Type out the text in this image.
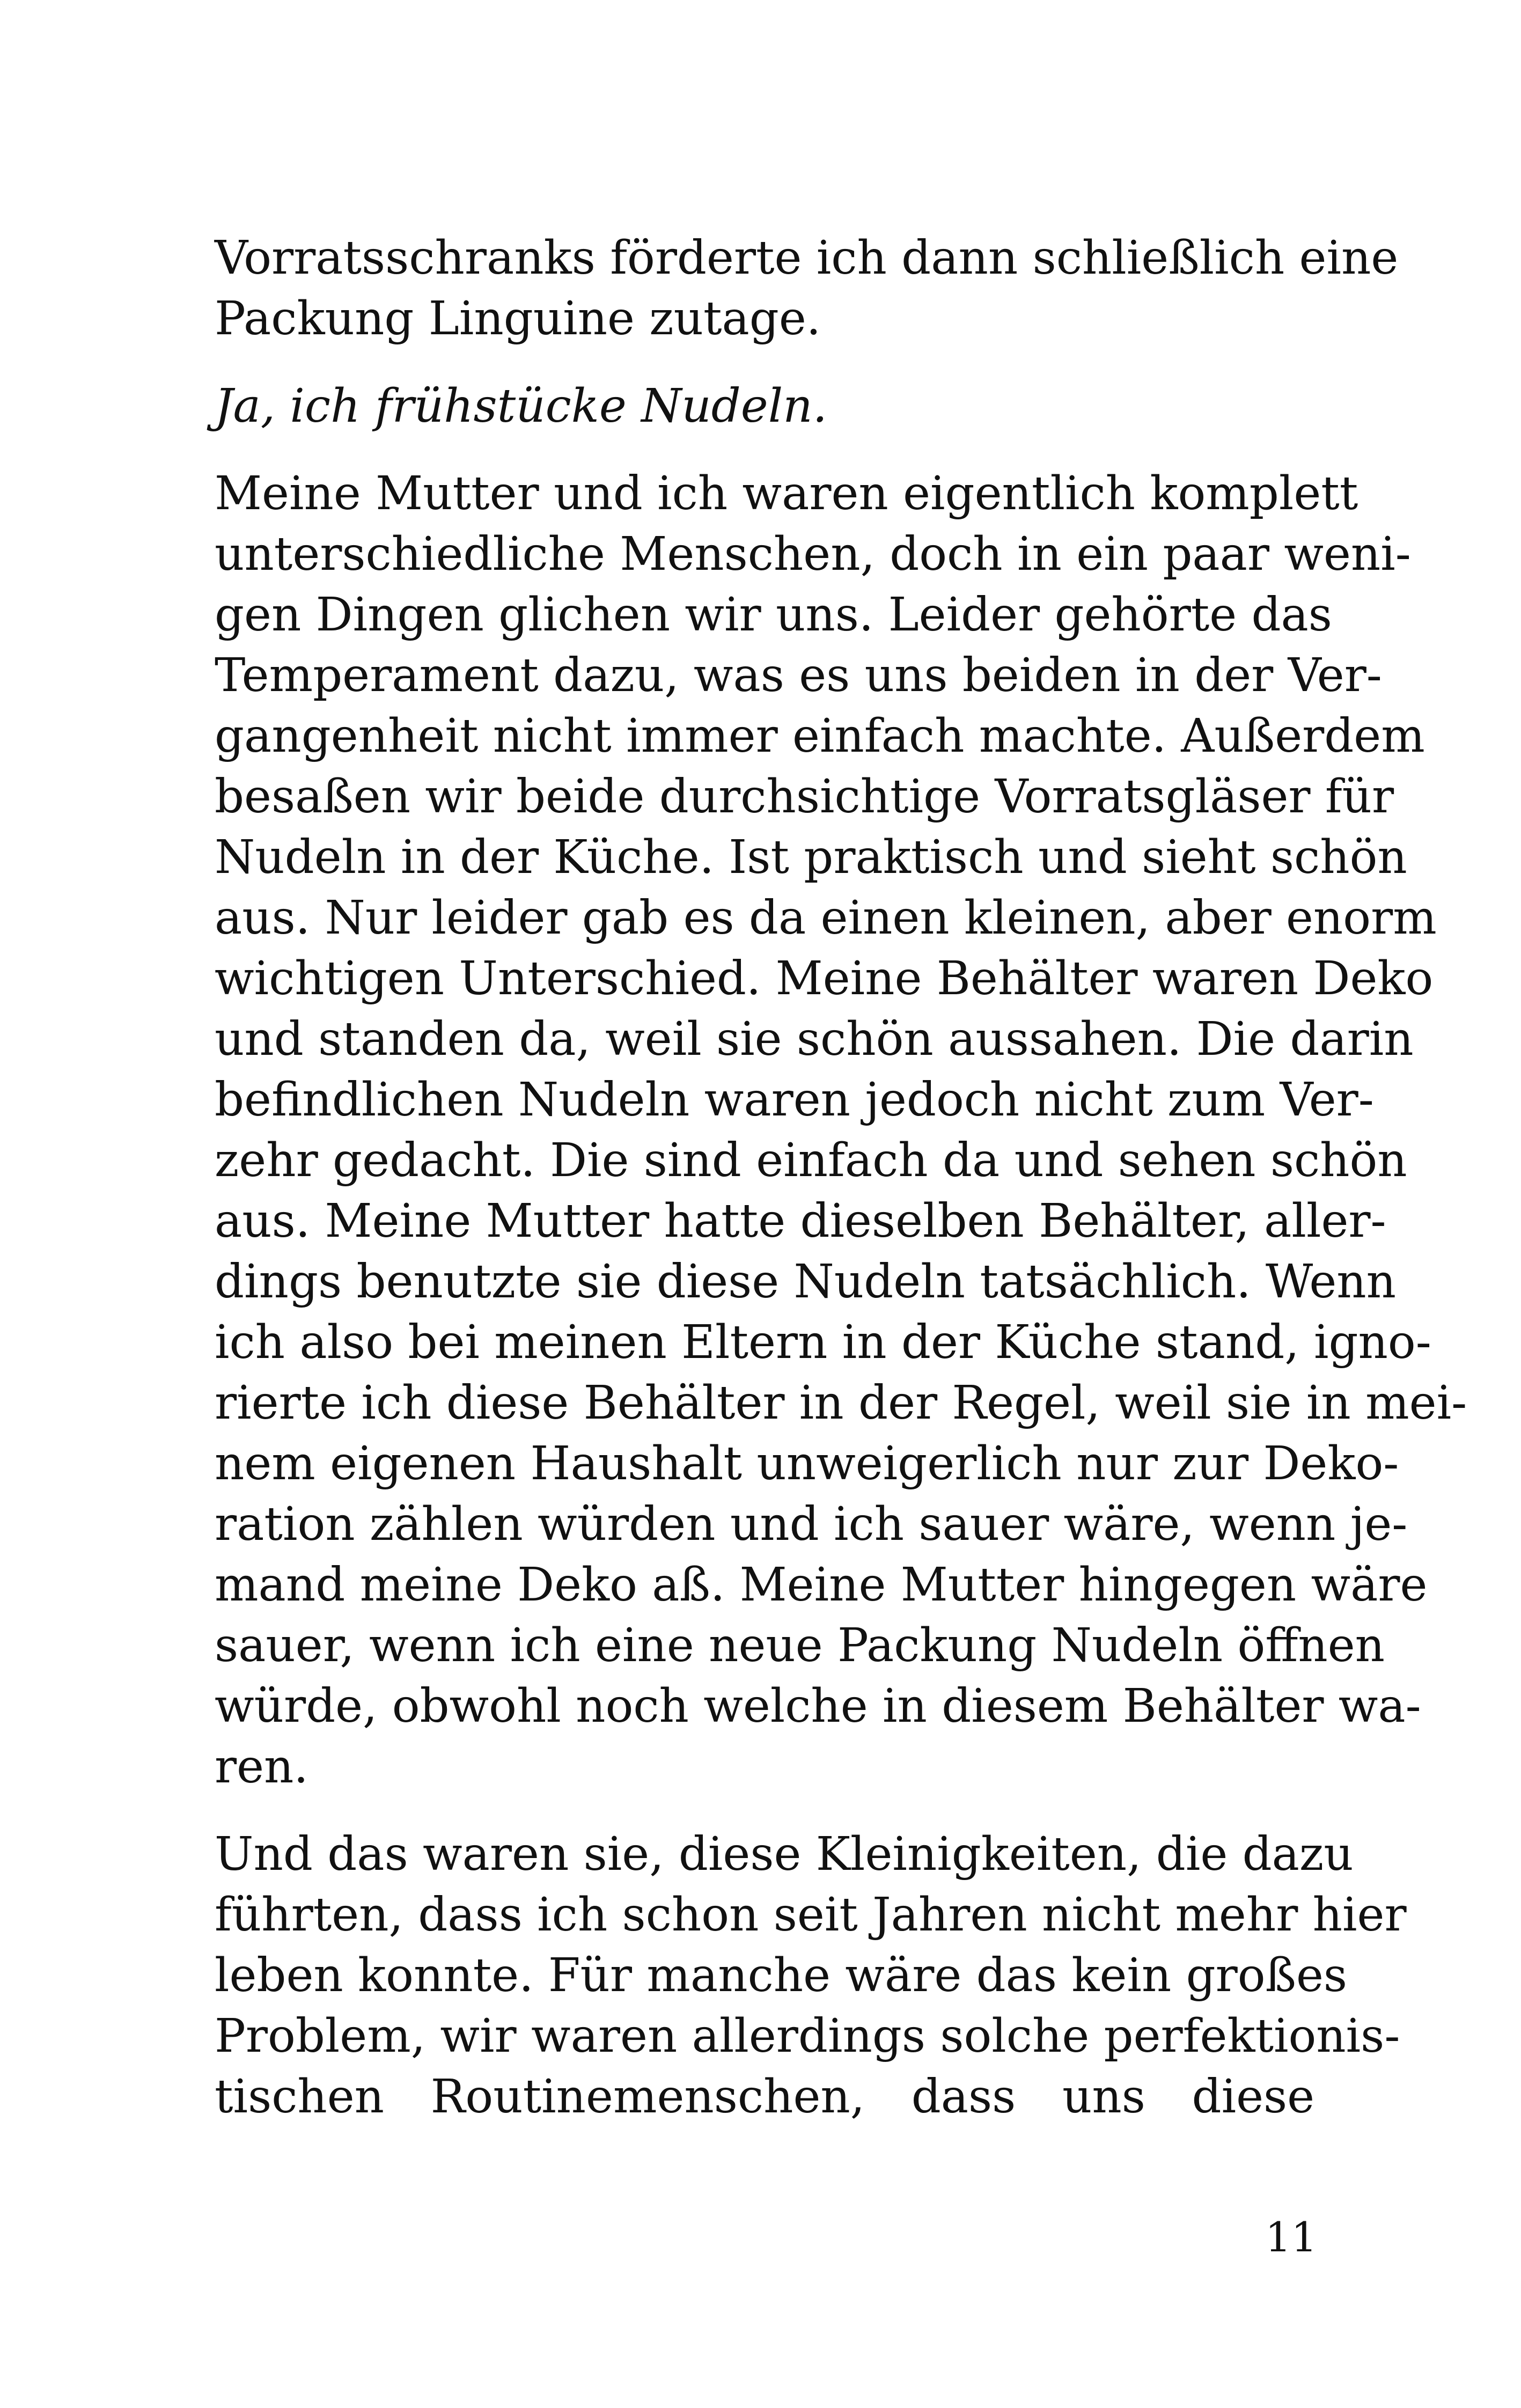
Vorratsschranks förderte ich dann schließlich eine
Packung Linguine zutage.
Ja, ich frühstücke Nudeln.
Meine Mutter und ich waren eigentlich komplett
unterschiedliche Menschen, doch in ein paar weni-
gen Dingen glichen wir uns. Leider gehörte das
Temperament dazu, was es uns beiden in der Ver-
gangenheit nicht immer einfach machte. Außerdem
besaßen wir beide durchsichtige Vorratsgläser für
Nudeln in der Küche. Ist praktisch und sieht schön
aus. Nur leider gab es da einen kleinen, aber enorm
wichtigen Unterschied. Meine Behälter waren Deko
und standen da, weil sie schön aussahen. Die darin
befindlichen Nudeln waren jedoch nicht zum Ver-
zehr gedacht. Die sind einfach da und sehen schön
aus. Meine Mutter hatte dieselben Behälter, aller-
dings benutzte sie diese Nudeln tatsächlich. Wenn
ich also bei meinen Eltern in der Küche stand, igno-
rierte ich diese Behälter in der Regel, weil sie in mei-
nem eigenen Haushalt unweigerlich nur zur Deko-
ration zählen würden und ich sauer wäre, wenn je-
mand meine Deko aß. Meine Mutter hingegen wäre
sauer, wenn ich eine neue Packung Nudeln öffnen
würde, obwohl noch welche in diesem Behälter wa-
ren.
Und das waren sie, diese Kleinigkeiten, die dazu
führten, dass ich schon seit Jahren nicht mehr hier
leben konnte. Für manche wäre das kein großes
Problem, wir waren allerdings solche perfektionis-
tischen Routinemenschen, dass uns diese
11
